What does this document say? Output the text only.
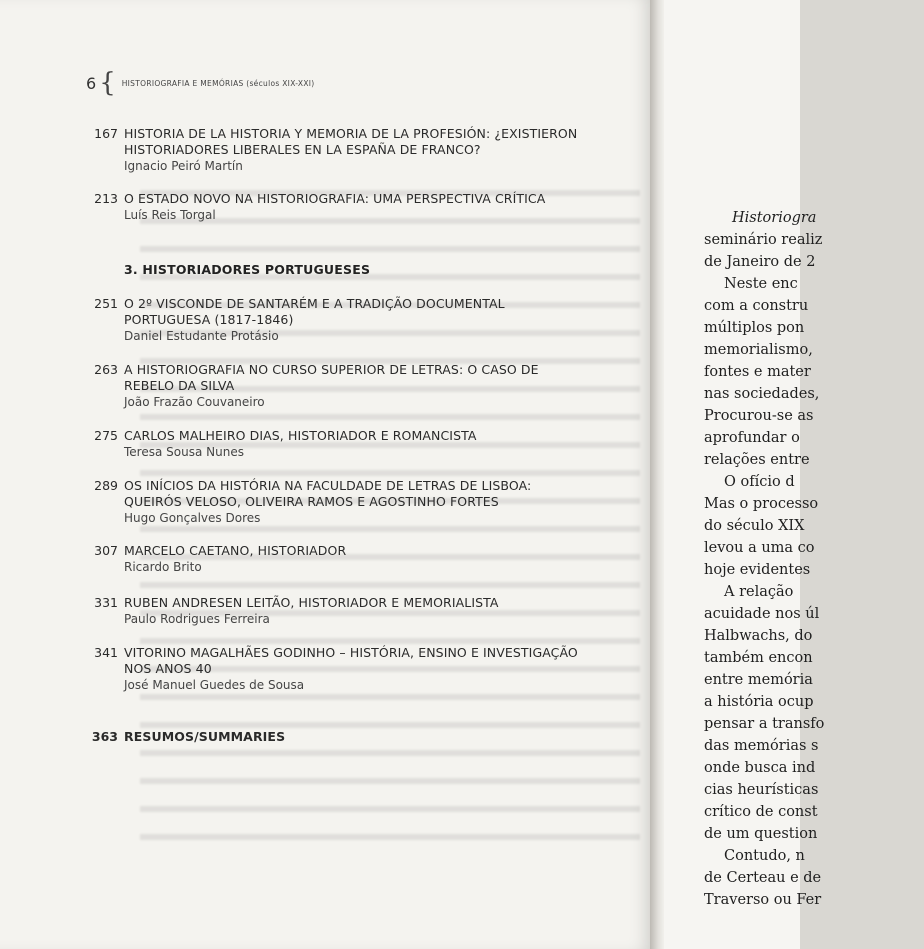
6 { HISTORIOGRAFIA E MEMÓRIAS (séculos XIX-XXI)
167 HISTORIA DE LA HISTORIA Y MEMORIA DE LA PROFESIÓN: ¿EXISTIERON
HISTORIADORES LIBERALES EN LA ESPAÑA DE FRANCO?
Ignacio Peiró Martín
213 O ESTADO NOVO NA HISTORIOGRAFIA: UMA PERSPECTIVA CRÍTICA
Luís Reis Torgal
3. HISTORIADORES PORTUGUESES
251 O 2º VISCONDE DE SANTARÉM E A TRADIÇÃO DOCUMENTAL
PORTUGUESA (1817-1846)
Daniel Estudante Protásio
263 A HISTORIOGRAFIA NO CURSO SUPERIOR DE LETRAS: O CASO DE
REBELO DA SILVA
João Frazão Couvaneiro
275 CARLOS MALHEIRO DIAS, HISTORIADOR E ROMANCISTA
Teresa Sousa Nunes
289 OS INÍCIOS DA HISTÓRIA NA FACULDADE DE LETRAS DE LISBOA:
QUEIRÓS VELOSO, OLIVEIRA RAMOS E AGOSTINHO FORTES
Hugo Gonçalves Dores
307 MARCELO CAETANO, HISTORIADOR
Ricardo Brito
331 RUBEN ANDRESEN LEITÃO, HISTORIADOR E MEMORIALISTA
Paulo Rodrigues Ferreira
341 VITORINO MAGALHÃES GODINHO – HISTÓRIA, ENSINO E INVESTIGAÇÃO
NOS ANOS 40
José Manuel Guedes de Sousa
363 RESUMOS/SUMMARIES
Historiogra
seminário realiz
de Janeiro de 2
Neste enc
com a constru
múltiplos pon
memorialismo,
fontes e mater
nas sociedades,
Procurou-se as
aprofundar o
relações entre
O ofício d
Mas o processo
do século XIX
levou a uma co
hoje evidentes
A relação
acuidade nos úl
Halbwachs, do
também encon
entre memória
a história ocup
pensar a transfo
das memórias s
onde busca ind
cias heurísticas
crítico de const
de um question
Contudo, n
de Certeau e de
Traverso ou Fer
